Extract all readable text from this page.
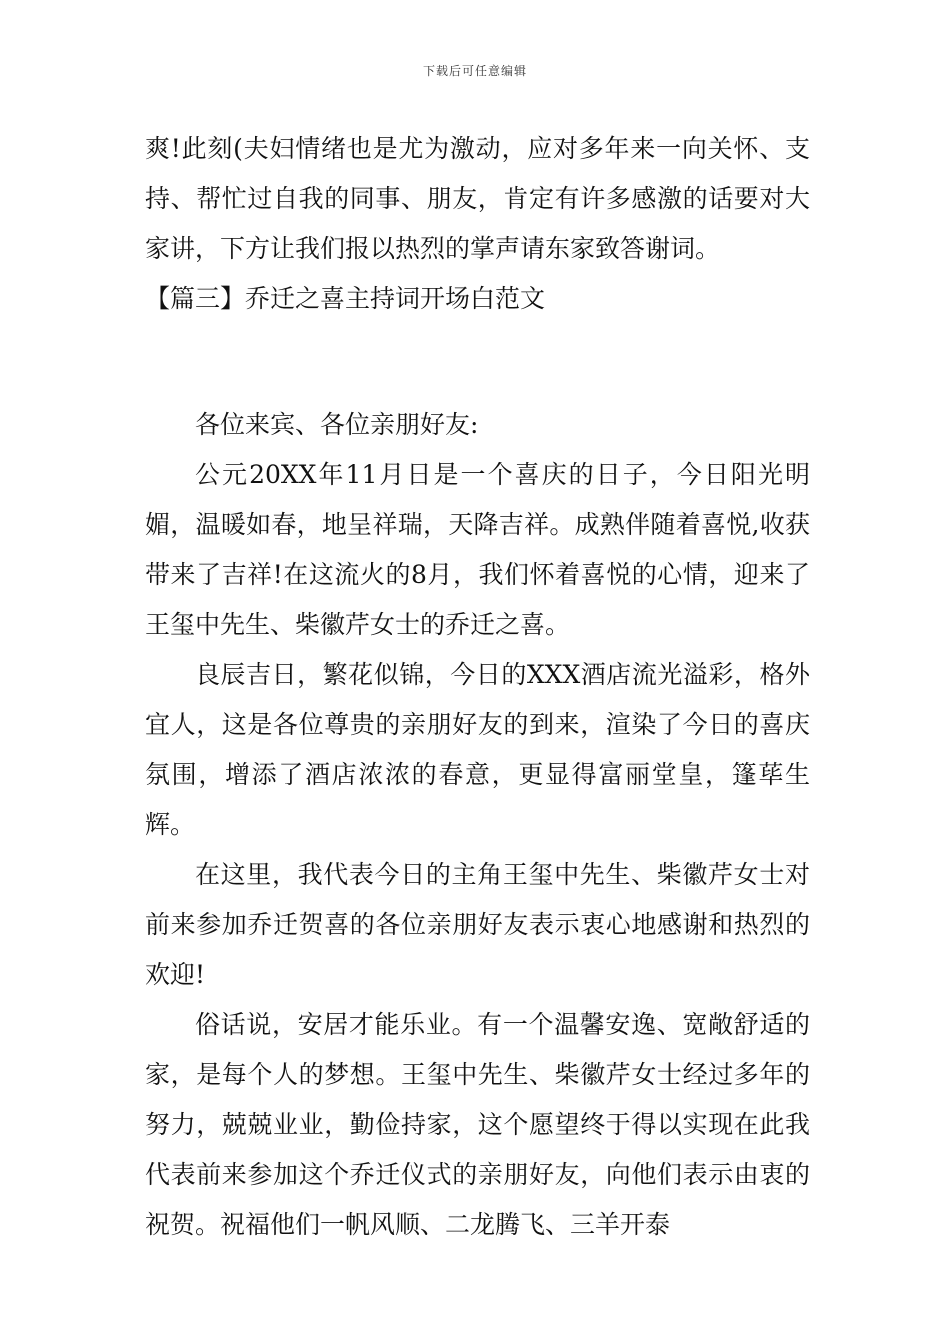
下载后可任意编辑

爽!此刻(夫妇情绪也是尤为激动，应对多年来一向关怀、支持、帮忙过自我的同事、朋友，肯定有许多感激的话要对大家讲，下方让我们报以热烈的掌声请东家致答谢词。

【篇三】乔迁之喜主持词开场白范文

各位来宾、各位亲朋好友:

公元20XX年11月日是一个喜庆的日子，今日阳光明媚，温暖如春，地呈祥瑞，天降吉祥。成熟伴随着喜悦,收获带来了吉祥!在这流火的8月，我们怀着喜悦的心情，迎来了王玺中先生、柴徽芹女士的乔迁之喜。

良辰吉日，繁花似锦，今日的XXX酒店流光溢彩，格外宜人，这是各位尊贵的亲朋好友的到来，渲染了今日的喜庆氛围，增添了酒店浓浓的春意，更显得富丽堂皇，篷荜生辉。

在这里，我代表今日的主角王玺中先生、柴徽芹女士对前来参加乔迁贺喜的各位亲朋好友表示衷心地感谢和热烈的欢迎!

俗话说，安居才能乐业。有一个温馨安逸、宽敞舒适的家，是每个人的梦想。王玺中先生、柴徽芹女士经过多年的努力，兢兢业业，勤俭持家，这个愿望终于得以实现在此我代表前来参加这个乔迁仪式的亲朋好友，向他们表示由衷的祝贺。祝福他们一帆风顺、二龙腾飞、三羊开泰
